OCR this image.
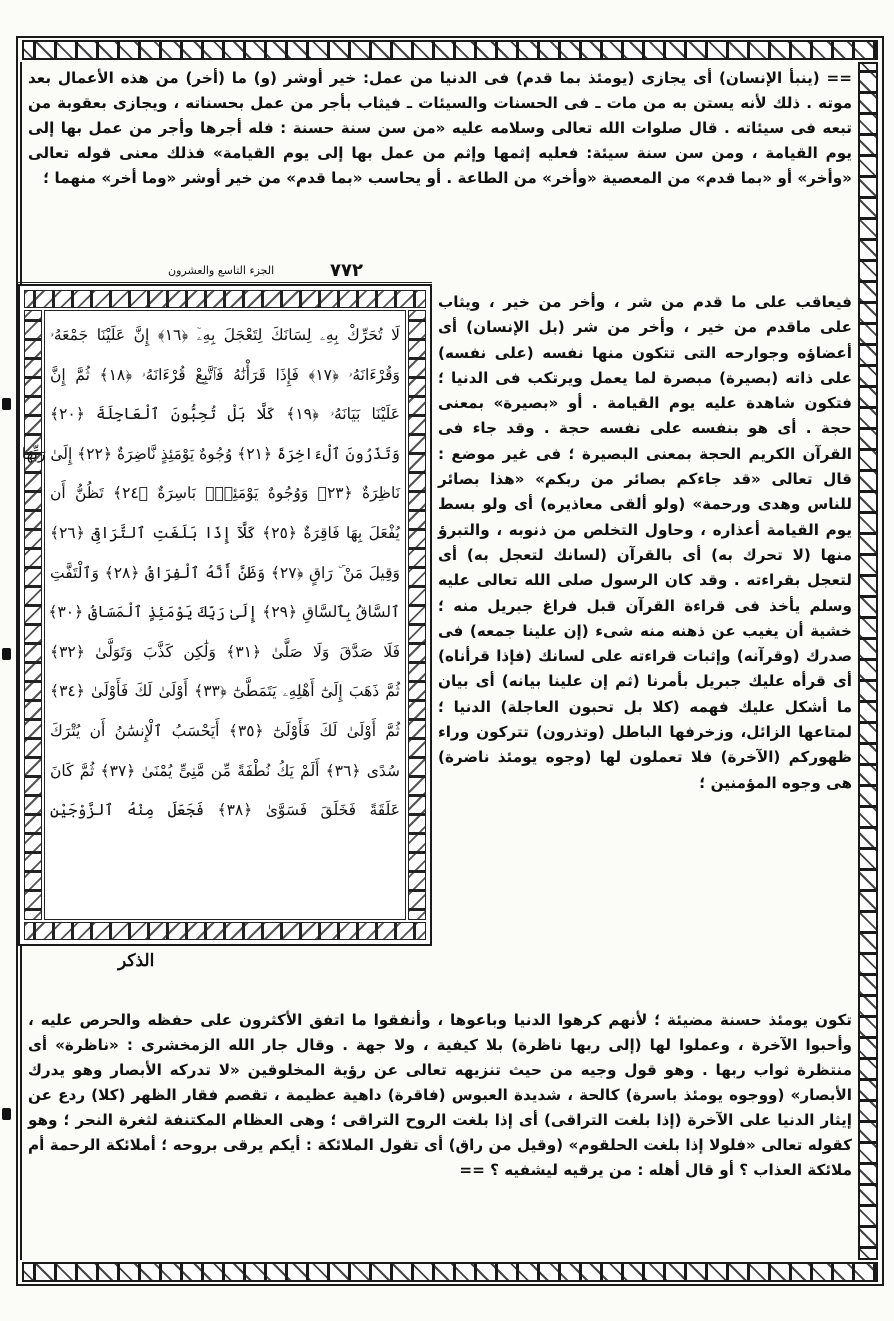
== (ينبأ الإنسان) أى يجازى (يومئذ بما قدم) فى الدنيا من عمل: خير أوشر (و) ما (أخر) من هذه الأعمال بعد موته . ذلك لأنه يستن به من مات ـ فى الحسنات والسيئات ـ فيثاب بأجر من عمل بحسناته ، ويجازى بعقوبة من تبعه فى سيئاته . قال صلوات الله تعالى وسلامه عليه «من سن سنة حسنة : فله أجرها وأجر من عمل بها إلى يوم القيامة ، ومن سن سنة سيئة: فعليه إثمها وإثم من عمل بها إلى يوم القيامة» فذلك معنى قوله تعالى «وأخر» أو «بما قدم» من المعصية «وأخر» من الطاعة . أو يحاسب «بما قدم» من خير أوشر «وما أخر» منهما ؛
٧٧٢
الجزء التاسع والعشرون
لَا تُحَرِّكْ بِهِۦ لِسَانَكَ لِتَعْجَلَ بِهِۦٓ ﴿١٦﴾ إِنَّ عَلَيْنَا جَمْعَهُۥ
وَقُرْءَانَهُۥ ﴿١٧﴾ فَإِذَا قَرَأْنَٰهُ فَٱتَّبِعْ قُرْءَانَهُۥ ﴿١٨﴾ ثُمَّ إِنَّ
عَلَيْنَا بَيَانَهُۥ ﴿١٩﴾ كَلَّا بَلْ تُحِبُّونَ ٱلْعَاجِلَةَ ﴿٢٠﴾
وَتَذَرُونَ ٱلْءَاخِرَةَ ﴿٢١﴾ وُجُوهٌ يَوْمَئِذٍ نَّاضِرَةٌ ﴿٢٢﴾ إِلَىٰ رَبِّهَا
نَاظِرَةٌ ﴿٢٣﴾ وَوُجُوهٌ يَوْمَئِذٍۭ بَاسِرَةٌ ﴿٢٤﴾ تَظُنُّ أَن
يُفْعَلَ بِهَا فَاقِرَةٌ ﴿٢٥﴾ كَلَّآ إِذَا بَلَغَتِ ٱلتَّرَاقِىَ ﴿٢٦﴾
وَقِيلَ مَنْ ۜ رَاقٍ ﴿٢٧﴾ وَظَنَّ أَنَّهُ ٱلْفِرَاقُ ﴿٢٨﴾ وَٱلْتَفَّتِ
ٱلسَّاقُ بِٱلسَّاقِ ﴿٢٩﴾ إِلَىٰ رَبِّكَ يَوْمَئِذٍ ٱلْمَسَاقُ ﴿٣٠﴾
فَلَا صَدَّقَ وَلَا صَلَّىٰ ﴿٣١﴾ وَلَٰكِن كَذَّبَ وَتَوَلَّىٰ ﴿٣٢﴾
ثُمَّ ذَهَبَ إِلَىٰٓ أَهْلِهِۦ يَتَمَطَّىٰٓ ﴿٣٣﴾ أَوْلَىٰ لَكَ فَأَوْلَىٰ ﴿٣٤﴾
ثُمَّ أَوْلَىٰ لَكَ فَأَوْلَىٰٓ ﴿٣٥﴾ أَيَحْسَبُ ٱلْإِنسَٰنُ أَن يُتْرَكَ
سُدًى ﴿٣٦﴾ أَلَمْ يَكُ نُطْفَةً مِّن مَّنِىٍّ يُمْنَىٰ ﴿٣٧﴾ ثُمَّ كَانَ
عَلَقَةً فَخَلَقَ فَسَوَّىٰ ﴿٣٨﴾ فَجَعَلَ مِنْهُ ٱلزَّوْجَيْنِ
الذكر
فيعاقب على ما قدم من شر ، وأخر من خير ، ويثاب على ماقدم من خير ، وأخر من شر (بل الإنسان) أى أعضاؤه وجوارحه التى تتكون منها نفسه (على نفسه) على ذاته (بصيرة) مبصرة لما يعمل ويرتكب فى الدنيا ؛ فتكون شاهدة عليه يوم القيامة . أو «بصيرة» بمعنى حجة . أى هو بنفسه على نفسه حجة . وقد جاء فى القرآن الكريم الحجة بمعنى البصيرة ؛ فى غير موضع : قال تعالى «قد جاءكم بصائر من ربكم» «هذا بصائر للناس وهدى ورحمة» (ولو ألقى معاذيره) أى ولو بسط يوم القيامة أعذاره ، وحاول التخلص من ذنوبه ، والتبرؤ منها (لا تحرك به) أى بالقرآن (لسانك لتعجل به) أى لتعجل بقراءته . وقد كان الرسول صلى الله تعالى عليه وسلم يأخذ فى قراءة القرآن قبل فراغ جبريل منه ؛ خشية أن يغيب عن ذهنه منه شىء (إن علينا جمعه) فى صدرك (وقرآنه) وإثبات قراءته على لسانك (فإذا قرأناه) أى قرأه عليك جبريل بأمرنا (ثم إن علينا بيانه) أى بيان ما أشكل عليك فهمه (كلا بل تحبون العاجلة) الدنيا ؛ لمتاعها الزائل، وزخرفها الباطل (وتذرون) تتركون وراء ظهوركم (الآخرة) فلا تعملون لها (وجوه يومئذ ناضرة) هى وجوه المؤمنين ؛
تكون يومئذ حسنة مضيئة ؛ لأنهم كرهوا الدنيا وباعوها ، وأنفقوا ما اتفق الأكثرون على حفظه والحرص عليه ، وأحبوا الآخرة ، وعملوا لها (إلى ربها ناظرة) بلا كيفية ، ولا جهة . وقال جار الله الزمخشرى : «ناظرة» أى منتظرة ثواب ربها . وهو قول وجيه من حيث تنزيهه تعالى عن رؤية المخلوقين «لا تدركه الأبصار وهو يدرك الأبصار» (ووجوه يومئذ باسرة) كالحة ، شديدة العبوس (فاقرة) داهية عظيمة ، تقصم فقار الظهر (كلا) ردع عن إيثار الدنيا على الآخرة (إذا بلغت التراقى) أى إذا بلغت الروح التراقى ؛ وهى العظام المكتنفة لثغرة النحر ؛ وهو كقوله تعالى «فلولا إذا بلغت الحلقوم» (وقيل من راق) أى تقول الملائكة : أيكم يرقى بروحه ؛ أملائكة الرحمة أم ملائكة العذاب ؟ أو قال أهله : من يرقيه ليشفيه ؟ ==
